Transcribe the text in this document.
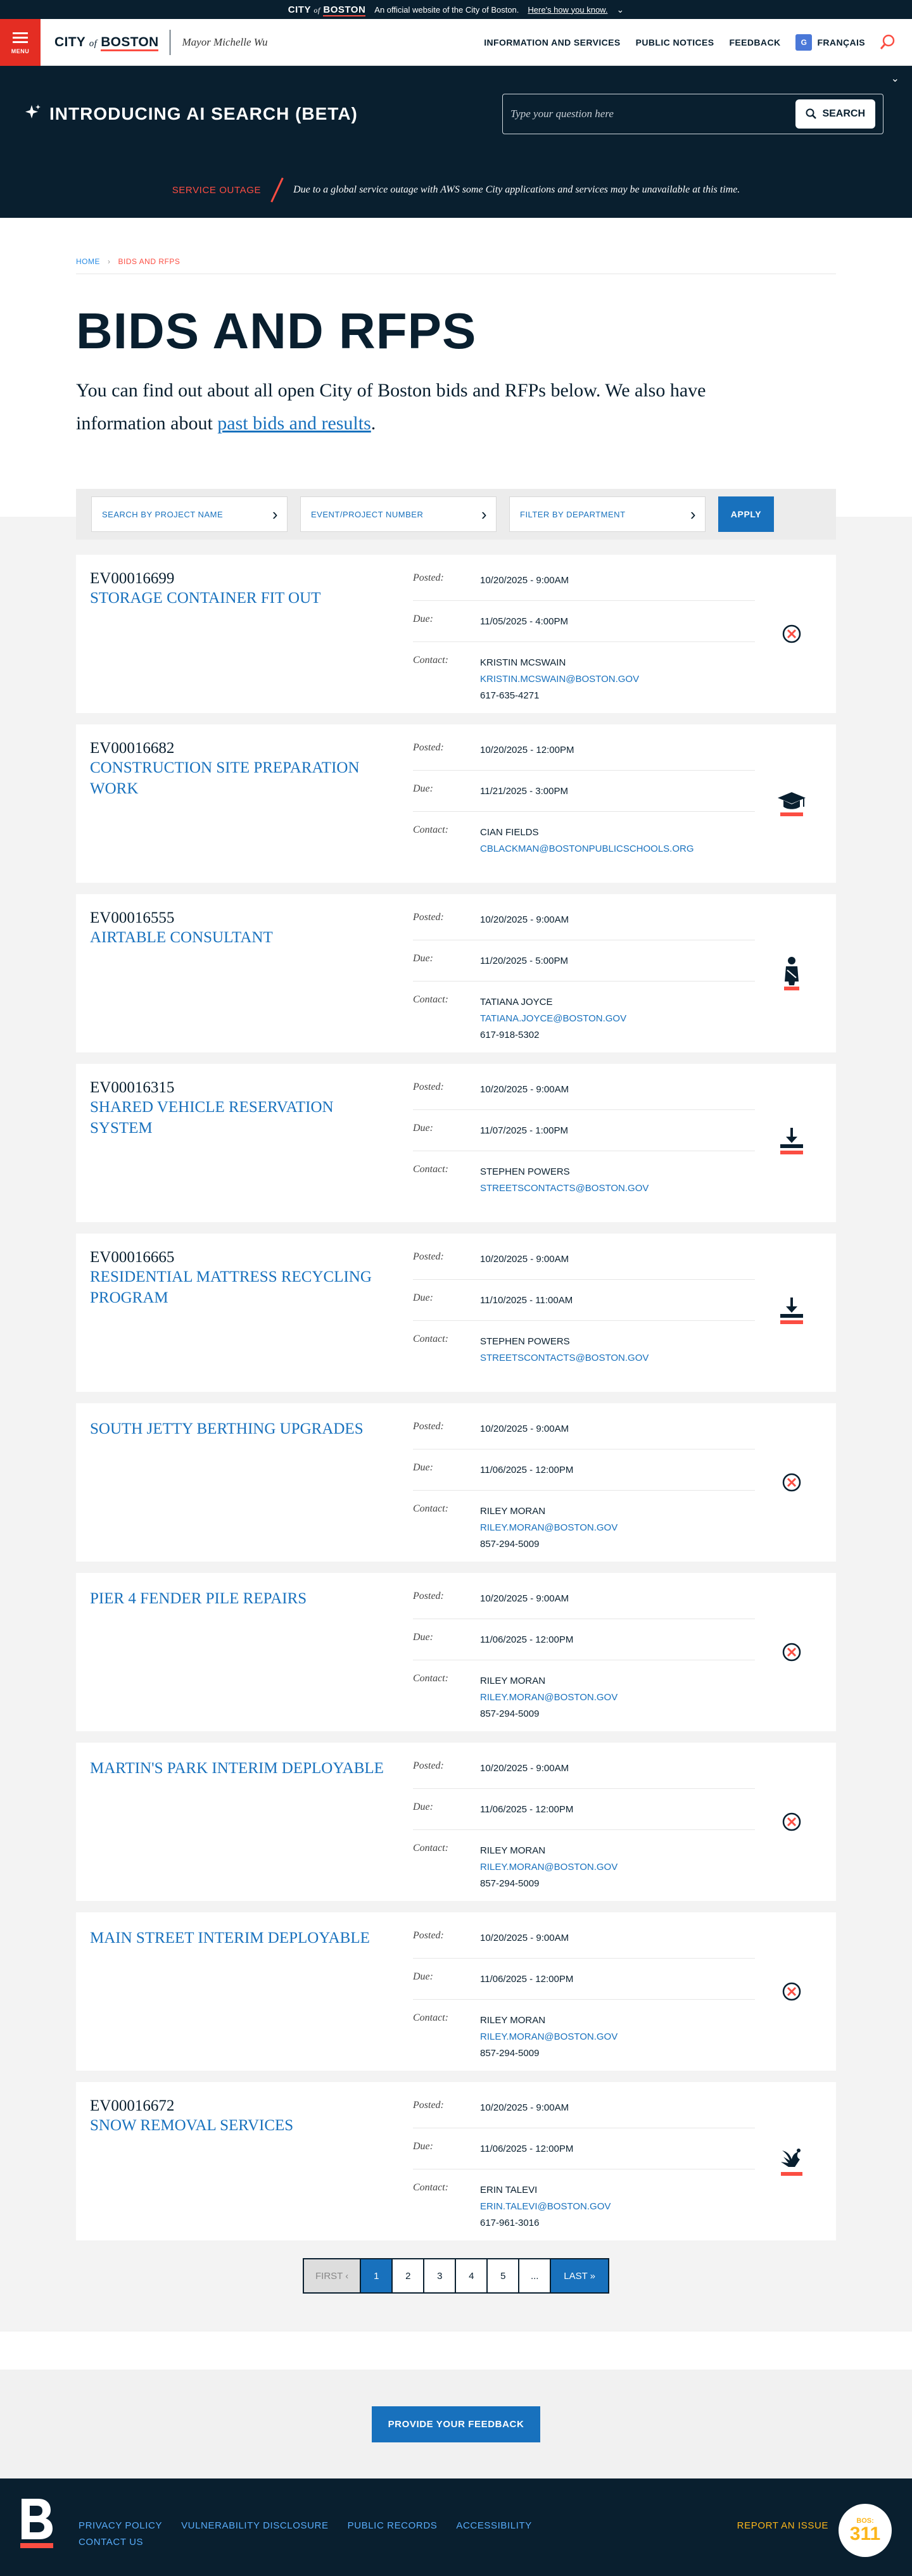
CITY of BOSTON An official website of the City of Boston. Here's how you know. ⌄
MENU
CITY of BOSTON Mayor Michelle Wu	INFORMATION AND SERVICES PUBLIC NOTICES FEEDBACK	G	FRANÇAIS
⌄
INTRODUCING AI SEARCH (BETA)
Type your question here	SEARCH
SERVICE OUTAGE	Due to a global service outage with AWS some City applications and services may be unavailable at this time.
HOME › BIDS AND RFPS
BIDS AND RFPS

You can find out about all open City of Boston bids and RFPs below. We also have information about past bids and results.

SEARCH BY PROJECT NAME	›	EVENT/PROJECT NUMBER	›	FILTER BY DEPARTMENT	›	APPLY
EV00016699
STORAGE CONTAINER FIT OUT
Posted:	10/20/2025 - 9:00AM
Due:	11/05/2025 - 4:00PM
Contact:	KRISTIN MCSWAIN
KRISTIN.MCSWAIN@BOSTON.GOV
617-635-4271
EV00016682
CONSTRUCTION SITE PREPARATION WORK
Posted:	10/20/2025 - 12:00PM
Due:	11/21/2025 - 3:00PM
Contact:	CIAN FIELDS
CBLACKMAN@BOSTONPUBLICSCHOOLS.ORG
EV00016555
AIRTABLE CONSULTANT
Posted:	10/20/2025 - 9:00AM
Due:	11/20/2025 - 5:00PM
Contact:	TATIANA JOYCE
TATIANA.JOYCE@BOSTON.GOV
617-918-5302
EV00016315
SHARED VEHICLE RESERVATION SYSTEM
Posted:	10/20/2025 - 9:00AM
Due:	11/07/2025 - 1:00PM
Contact:	STEPHEN POWERS
STREETSCONTACTS@BOSTON.GOV
EV00016665
RESIDENTIAL MATTRESS RECYCLING PROGRAM
Posted:	10/20/2025 - 9:00AM
Due:	11/10/2025 - 11:00AM
Contact:	STEPHEN POWERS
STREETSCONTACTS@BOSTON.GOV
SOUTH JETTY BERTHING UPGRADES	Posted:	10/20/2025 - 9:00AM
Due:	11/06/2025 - 12:00PM
Contact:	RILEY MORAN
RILEY.MORAN@BOSTON.GOV
857-294-5009
PIER 4 FENDER PILE REPAIRS	Posted:	10/20/2025 - 9:00AM
Due:	11/06/2025 - 12:00PM
Contact:	RILEY MORAN
RILEY.MORAN@BOSTON.GOV
857-294-5009
MARTIN'S PARK INTERIM DEPLOYABLE	Posted:	10/20/2025 - 9:00AM
Due:	11/06/2025 - 12:00PM
Contact:	RILEY MORAN
RILEY.MORAN@BOSTON.GOV
857-294-5009
MAIN STREET INTERIM DEPLOYABLE	Posted:	10/20/2025 - 9:00AM
Due:	11/06/2025 - 12:00PM
Contact:	RILEY MORAN
RILEY.MORAN@BOSTON.GOV
857-294-5009
EV00016672
SNOW REMOVAL SERVICES
Posted:	10/20/2025 - 9:00AM
Due:	11/06/2025 - 12:00PM
Contact:	ERIN TALEVI
ERIN.TALEVI@BOSTON.GOV
617-961-3016
FIRST ‹	1	2	3	4	5	...	LAST »
PROVIDE YOUR FEEDBACK
PRIVACY POLICY VULNERABILITY DISCLOSURE PUBLIC RECORDS ACCESSIBILITY
CONTACT US
REPORT AN ISSUE	BOS:
311
